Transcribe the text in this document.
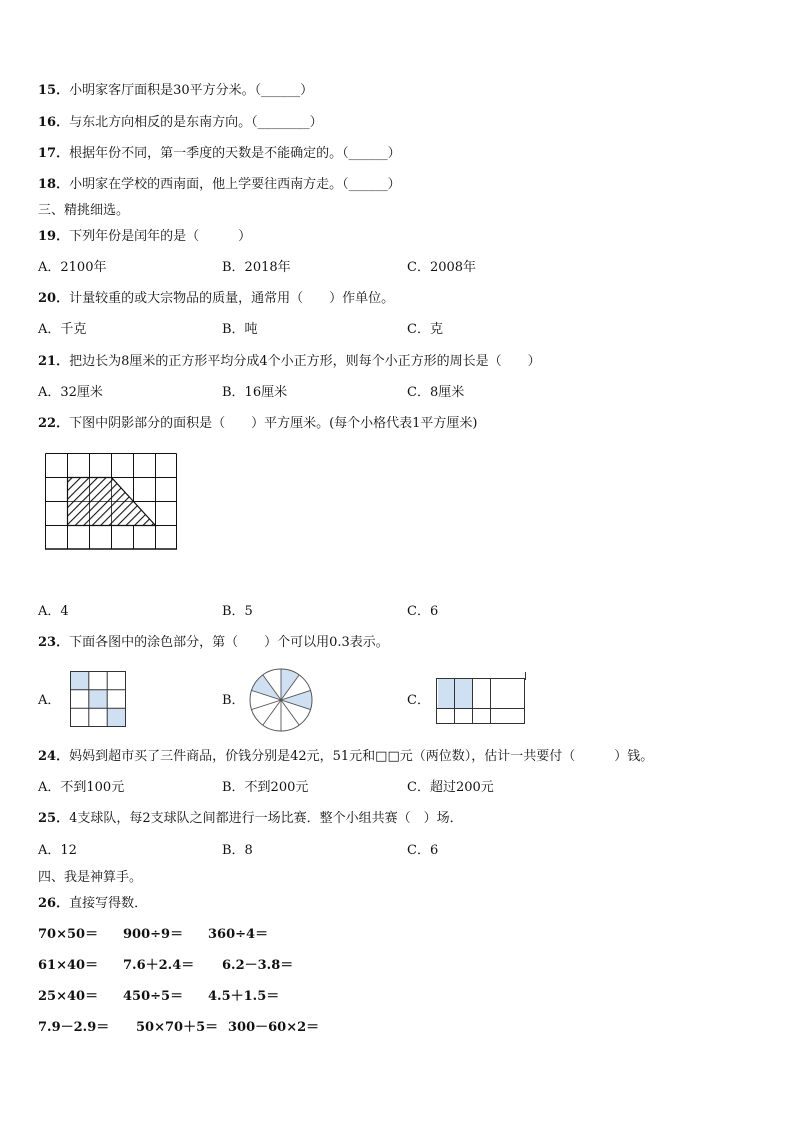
15．小明家客厅面积是30平方分米。（______）
16．与东北方向相反的是东南方向。（________）
17．根据年份不同，第一季度的天数是不能确定的。（______）
18．小明家在学校的西南面，他上学要往西南方走。（______）
三、精挑细选。
19．下列年份是闰年的是（　　　）
A．2100年	B．2018年	C．2008年
20．计量较重的或大宗物品的质量，通常用（　　）作单位。
A．千克	B．吨	C．克
21．把边长为8厘米的正方形平均分成4个小正方形，则每个小正方形的周长是（　　）
A．32厘米	B．16厘米	C．8厘米
22．下图中阴影部分的面积是（　　）平方厘米。(每个小格代表1平方厘米)
A．4	B．5	C．6
23．下面各图中的涂色部分，第（　　）个可以用0.3表示。
A．	B．	C．
24．妈妈到超市买了三件商品，价钱分别是42元，51元和□□元（两位数），估计一共要付（　　　）钱。
A．不到100元	B．不到200元	C．超过200元
25．4支球队，每2支球队之间都进行一场比赛．整个小组共赛（　）场．
A．12	B．8	C．6
四、我是神算手。
26．直接写得数．
70×50＝ 900÷9＝ 360÷4＝
61×40＝ 7.6＋2.4＝ 6.2－3.8＝
25×40＝ 450÷5＝ 4.5＋1.5＝
7.9－2.9＝ 50×70＋5＝ 300－60×2＝
